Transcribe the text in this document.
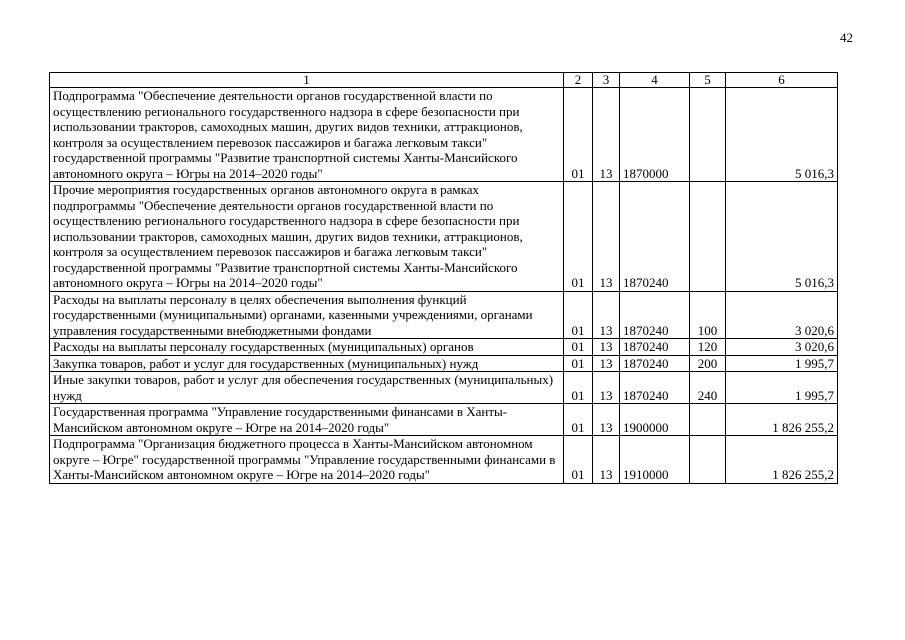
42
1	2	3	4	5	6
Подпрограмма "Обеспечение деятельности органов государственной власти по осуществлению регионального государственного надзора в сфере безопасности при использовании тракторов, самоходных машин, других видов техники, аттракционов, контроля за осуществлением перевозок пассажиров и багажа легковым такси" государственной программы "Развитие транспортной системы Ханты-Мансийского автономного округа – Югры на 2014–2020 годы"	01	13	1870000		5 016,3
Прочие мероприятия государственных органов автономного округа в рамках подпрограммы "Обеспечение деятельности органов государственной власти по осуществлению регионального государственного надзора в сфере безопасности при использовании тракторов, самоходных машин, других видов техники, аттракционов, контроля за осуществлением перевозок пассажиров и багажа легковым такси" государственной программы "Развитие транспортной системы Ханты-Мансийского автономного округа – Югры на 2014–2020 годы"	01	13	1870240		5 016,3
Расходы на выплаты персоналу в целях обеспечения выполнения функций государственными (муниципальными) органами, казенными учреждениями, органами управления государственными внебюджетными фондами	01	13	1870240	100	3 020,6
Расходы на выплаты персоналу государственных (муниципальных) органов	01	13	1870240	120	3 020,6
Закупка товаров, работ и услуг для государственных (муниципальных) нужд	01	13	1870240	200	1 995,7
Иные закупки товаров, работ и услуг для обеспечения государственных (муниципальных) нужд	01	13	1870240	240	1 995,7
Государственная программа "Управление государственными финансами в Ханты-Мансийском автономном округе – Югре на 2014–2020 годы"	01	13	1900000		1 826 255,2
Подпрограмма "Организация бюджетного процесса в Ханты-Мансийском автономном округе – Югре" государственной программы "Управление государственными финансами в Ханты-Мансийском автономном округе – Югре на 2014–2020 годы"	01	13	1910000		1 826 255,2
